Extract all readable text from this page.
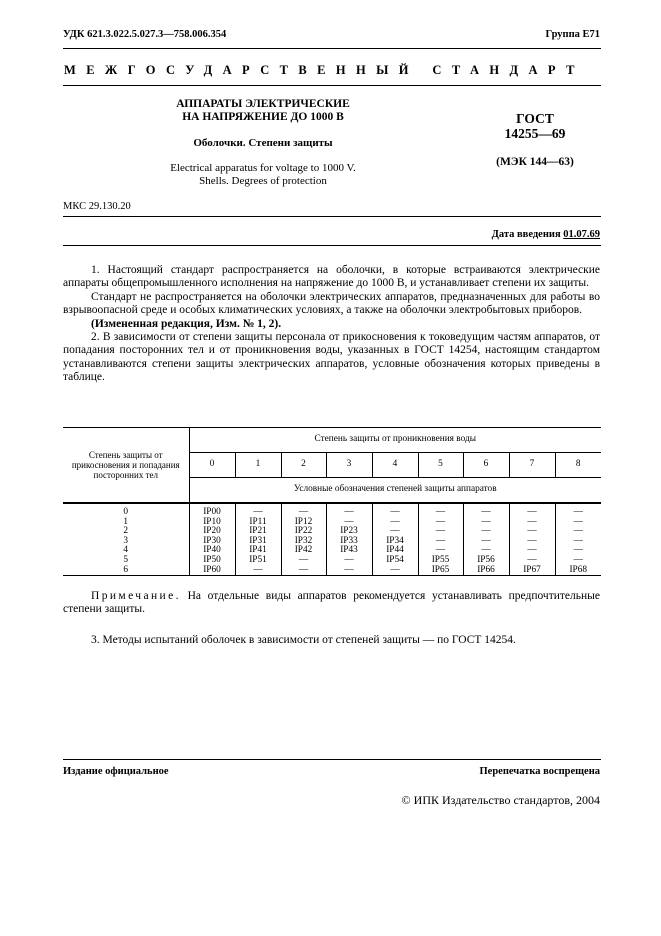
УДК 621.3.022.5.027.3—758.006.354	Группа Е71
МЕЖГОСУДАРСТВЕННЫЙ СТАНДАРТ
АППАРАТЫ ЭЛЕКТРИЧЕСКИЕ
НА НАПРЯЖЕНИЕ ДО 1000 В
Оболочки. Степени защиты
Electrical apparatus for voltage to 1000 V.
Shells. Degrees of protection
ГОСТ
14255—69
(МЭК 144—63)
МКС 29.130.20
Дата введения 01.07.69

1. Настоящий стандарт распространяется на оболочки, в которые встраиваются электрические аппараты общепромышленного исполнения на напряжение до 1000 В, и устанавливает степени их защиты.

Стандарт не распространяется на оболочки электрических аппаратов, предназначенных для работы во взрывоопасной среде и особых климатических условиях, а также на оболочки электробытовых приборов.

(Измененная редакция, Изм. № 1, 2).

2. В зависимости от степени защиты персонала от прикосновения к токоведущим частям аппаратов, от попадания посторонних тел и от проникновения воды, указанных в ГОСТ 14254, настоящим стандартом устанавливаются степени защиты электрических аппаратов, условные обозначения которых приведены в таблице.

Степень защиты от прикосновения и попадания посторонних тел	Степень защиты от проникновения воды								
	0	1	2	3	4	5	6	7	8
	Условные обозначения степеней защиты аппаратов								
0	IP00	—	—	—	—	—	—	—	—
1	IP10	IP11	IP12	—	—	—	—	—	—
2	IP20	IP21	IP22	IP23	—	—	—	—	—
3	IP30	IP31	IP32	IP33	IP34	—	—	—	—
4	IP40	IP41	IP42	IP43	IP44	—	—	—	—
5	IP50	IP51	—	—	IP54	IP55	IP56	—	—
6	IP60	—	—	—	—	IP65	IP66	IP67	IP68

Примечание. На отдельные виды аппаратов рекомендуется устанавливать предпочтительные степени защиты.

3. Методы испытаний оболочек в зависимости от степеней защиты — по ГОСТ 14254.

Издание официальное	Перепечатка воспрещена
© ИПК Издательство стандартов, 2004
